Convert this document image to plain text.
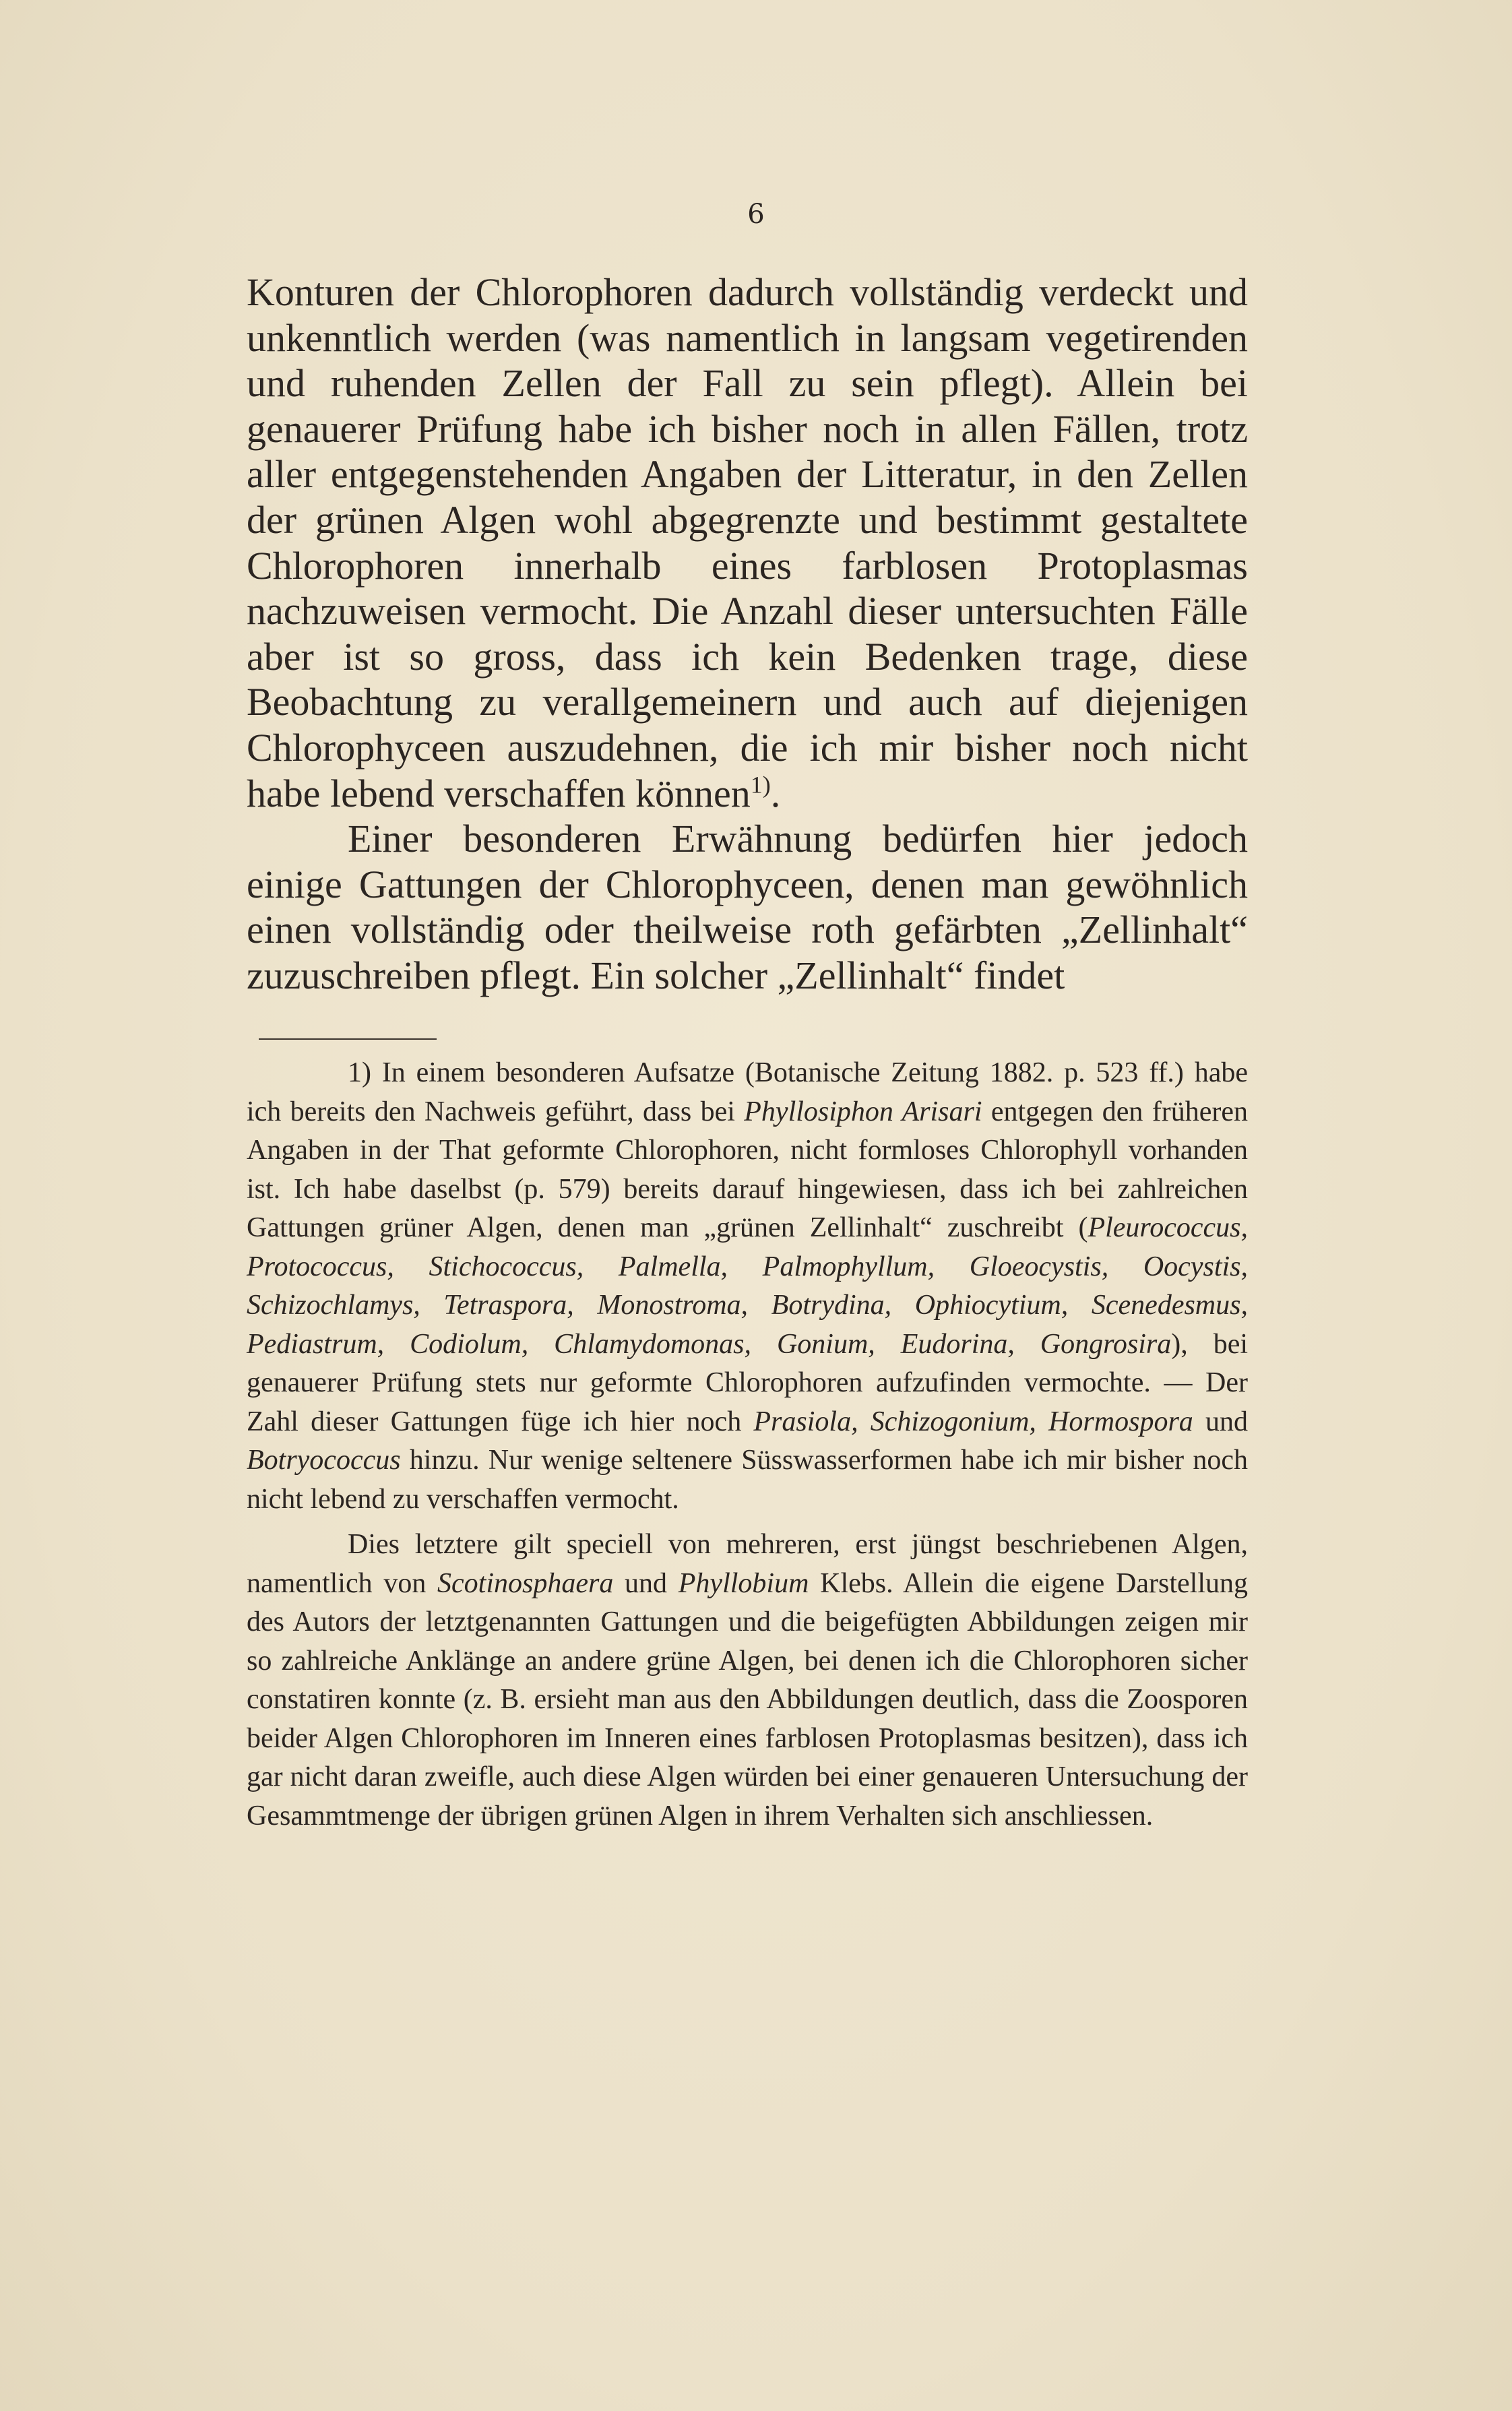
6

Konturen der Chlorophoren dadurch vollständig verdeckt und unkenntlich werden (was namentlich in langsam vegetirenden und ruhenden Zellen der Fall zu sein pflegt). Allein bei genauerer Prüfung habe ich bisher noch in allen Fällen, trotz aller entgegenstehenden Angaben der Litteratur, in den Zellen der grünen Algen wohl abgegrenzte und bestimmt gestaltete Chlorophoren innerhalb eines farblosen Protoplasmas nachzuweisen vermocht. Die Anzahl dieser untersuchten Fälle aber ist so gross, dass ich kein Bedenken trage, diese Beobachtung zu verallgemeinern und auch auf diejenigen Chlorophyceen auszudehnen, die ich mir bisher noch nicht habe lebend verschaffen können$^{1)}$.

Einer besonderen Erwähnung bedürfen hier jedoch einige Gattungen der Chlorophyceen, denen man gewöhnlich einen vollständig oder theilweise roth gefärbten „Zellinhalt“ zuzuschreiben pflegt. Ein solcher „Zellinhalt“ findet

1) In einem besonderen Aufsatze (Botanische Zeitung 1882. p. 523 ff.) habe ich bereits den Nachweis geführt, dass bei Phyllosiphon Arisari entgegen den früheren Angaben in der That geformte Chlorophoren, nicht formloses Chlorophyll vorhanden ist. Ich habe daselbst (p. 579) bereits darauf hingewiesen, dass ich bei zahlreichen Gattungen grüner Algen, denen man „grünen Zellinhalt“ zuschreibt (Pleurococcus, Protococcus, Stichococcus, Palmella, Palmophyllum, Gloeocystis, Oocystis, Schizochlamys, Tetraspora, Monostroma, Botrydina, Ophiocytium, Scenedesmus, Pediastrum, Codiolum, Chlamydomonas, Gonium, Eudorina, Gongrosira), bei genauerer Prüfung stets nur geformte Chlorophoren aufzufinden vermochte. — Der Zahl dieser Gattungen füge ich hier noch Prasiola, Schizogonium, Hormospora und Botryococcus hinzu. Nur wenige seltenere Süsswasserformen habe ich mir bisher noch nicht lebend zu verschaffen vermocht.

Dies letztere gilt speciell von mehreren, erst jüngst beschriebenen Algen, namentlich von Scotinosphaera und Phyllobium Klebs. Allein die eigene Darstellung des Autors der letztgenannten Gattungen und die beigefügten Abbildungen zeigen mir so zahlreiche Anklänge an andere grüne Algen, bei denen ich die Chlorophoren sicher constatiren konnte (z. B. ersieht man aus den Abbildungen deutlich, dass die Zoosporen beider Algen Chlorophoren im Inneren eines farblosen Protoplasmas besitzen), dass ich gar nicht daran zweifle, auch diese Algen würden bei einer genaueren Untersuchung der Gesammtmenge der übrigen grünen Algen in ihrem Verhalten sich anschliessen.
